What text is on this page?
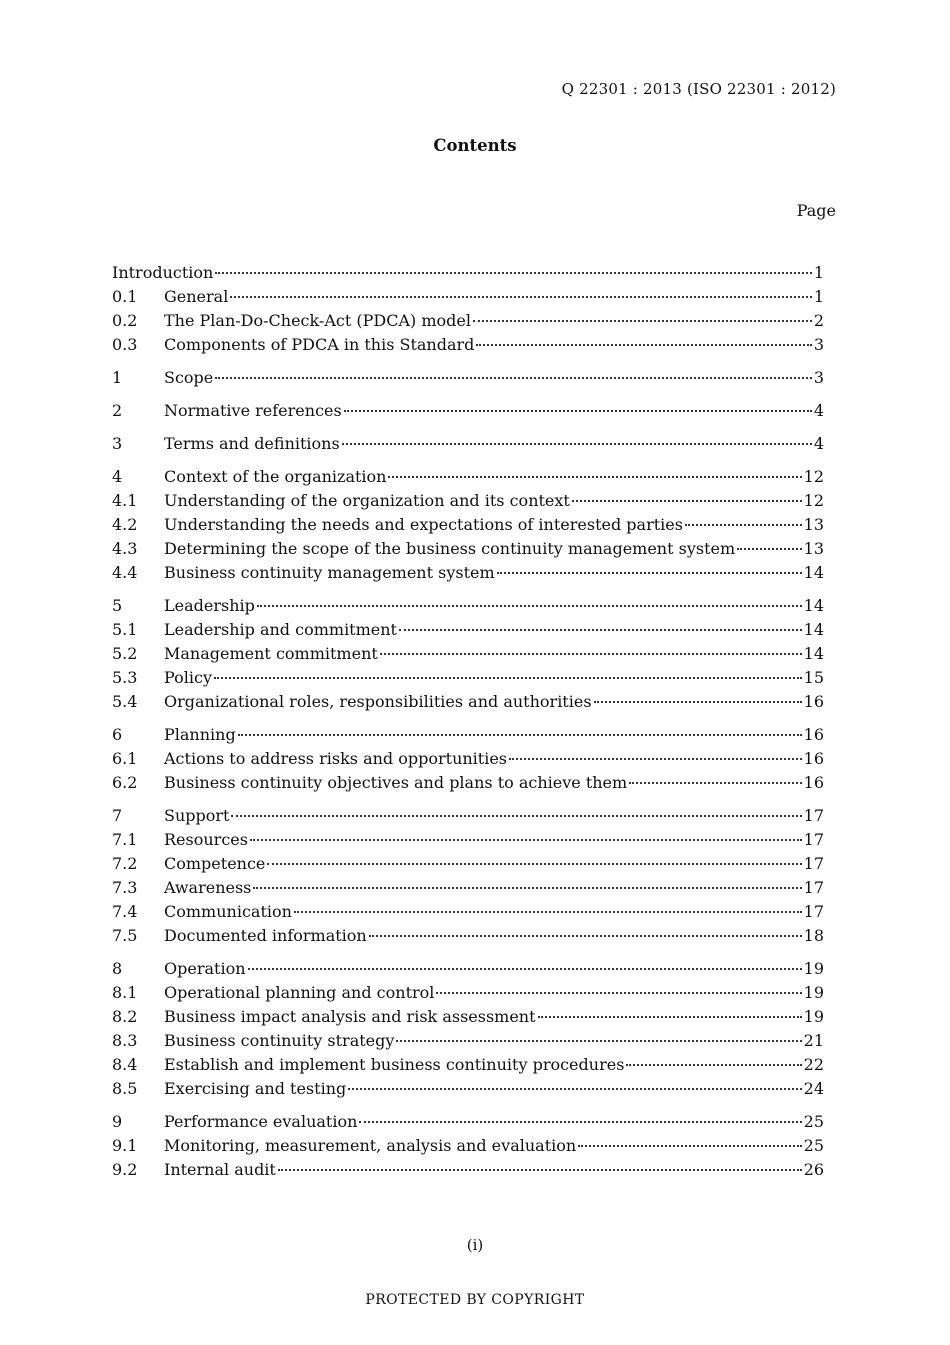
Q 22301 : 2013 (ISO 22301 : 2012)
Contents
Page
Introduction	1
0.1	General	1
0.2	The Plan-Do-Check-Act (PDCA) model	2
0.3	Components of PDCA in this Standard	3
1	Scope	3
2	Normative references	4
3	Terms and definitions	4
4	Context of the organization	12
4.1	Understanding of the organization and its context	12
4.2	Understanding the needs and expectations of interested parties	13
4.3	Determining the scope of the business continuity management system	13
4.4	Business continuity management system	14
5	Leadership	14
5.1	Leadership and commitment	14
5.2	Management commitment	14
5.3	Policy	15
5.4	Organizational roles, responsibilities and authorities	16
6	Planning	16
6.1	Actions to address risks and opportunities	16
6.2	Business continuity objectives and plans to achieve them	16
7	Support	17
7.1	Resources	17
7.2	Competence	17
7.3	Awareness	17
7.4	Communication	17
7.5	Documented information	18
8	Operation	19
8.1	Operational planning and control	19
8.2	Business impact analysis and risk assessment	19
8.3	Business continuity strategy	21
8.4	Establish and implement business continuity procedures	22
8.5	Exercising and testing	24
9	Performance evaluation	25
9.1	Monitoring, measurement, analysis and evaluation	25
9.2	Internal audit	26
(i)
PROTECTED BY COPYRIGHT
